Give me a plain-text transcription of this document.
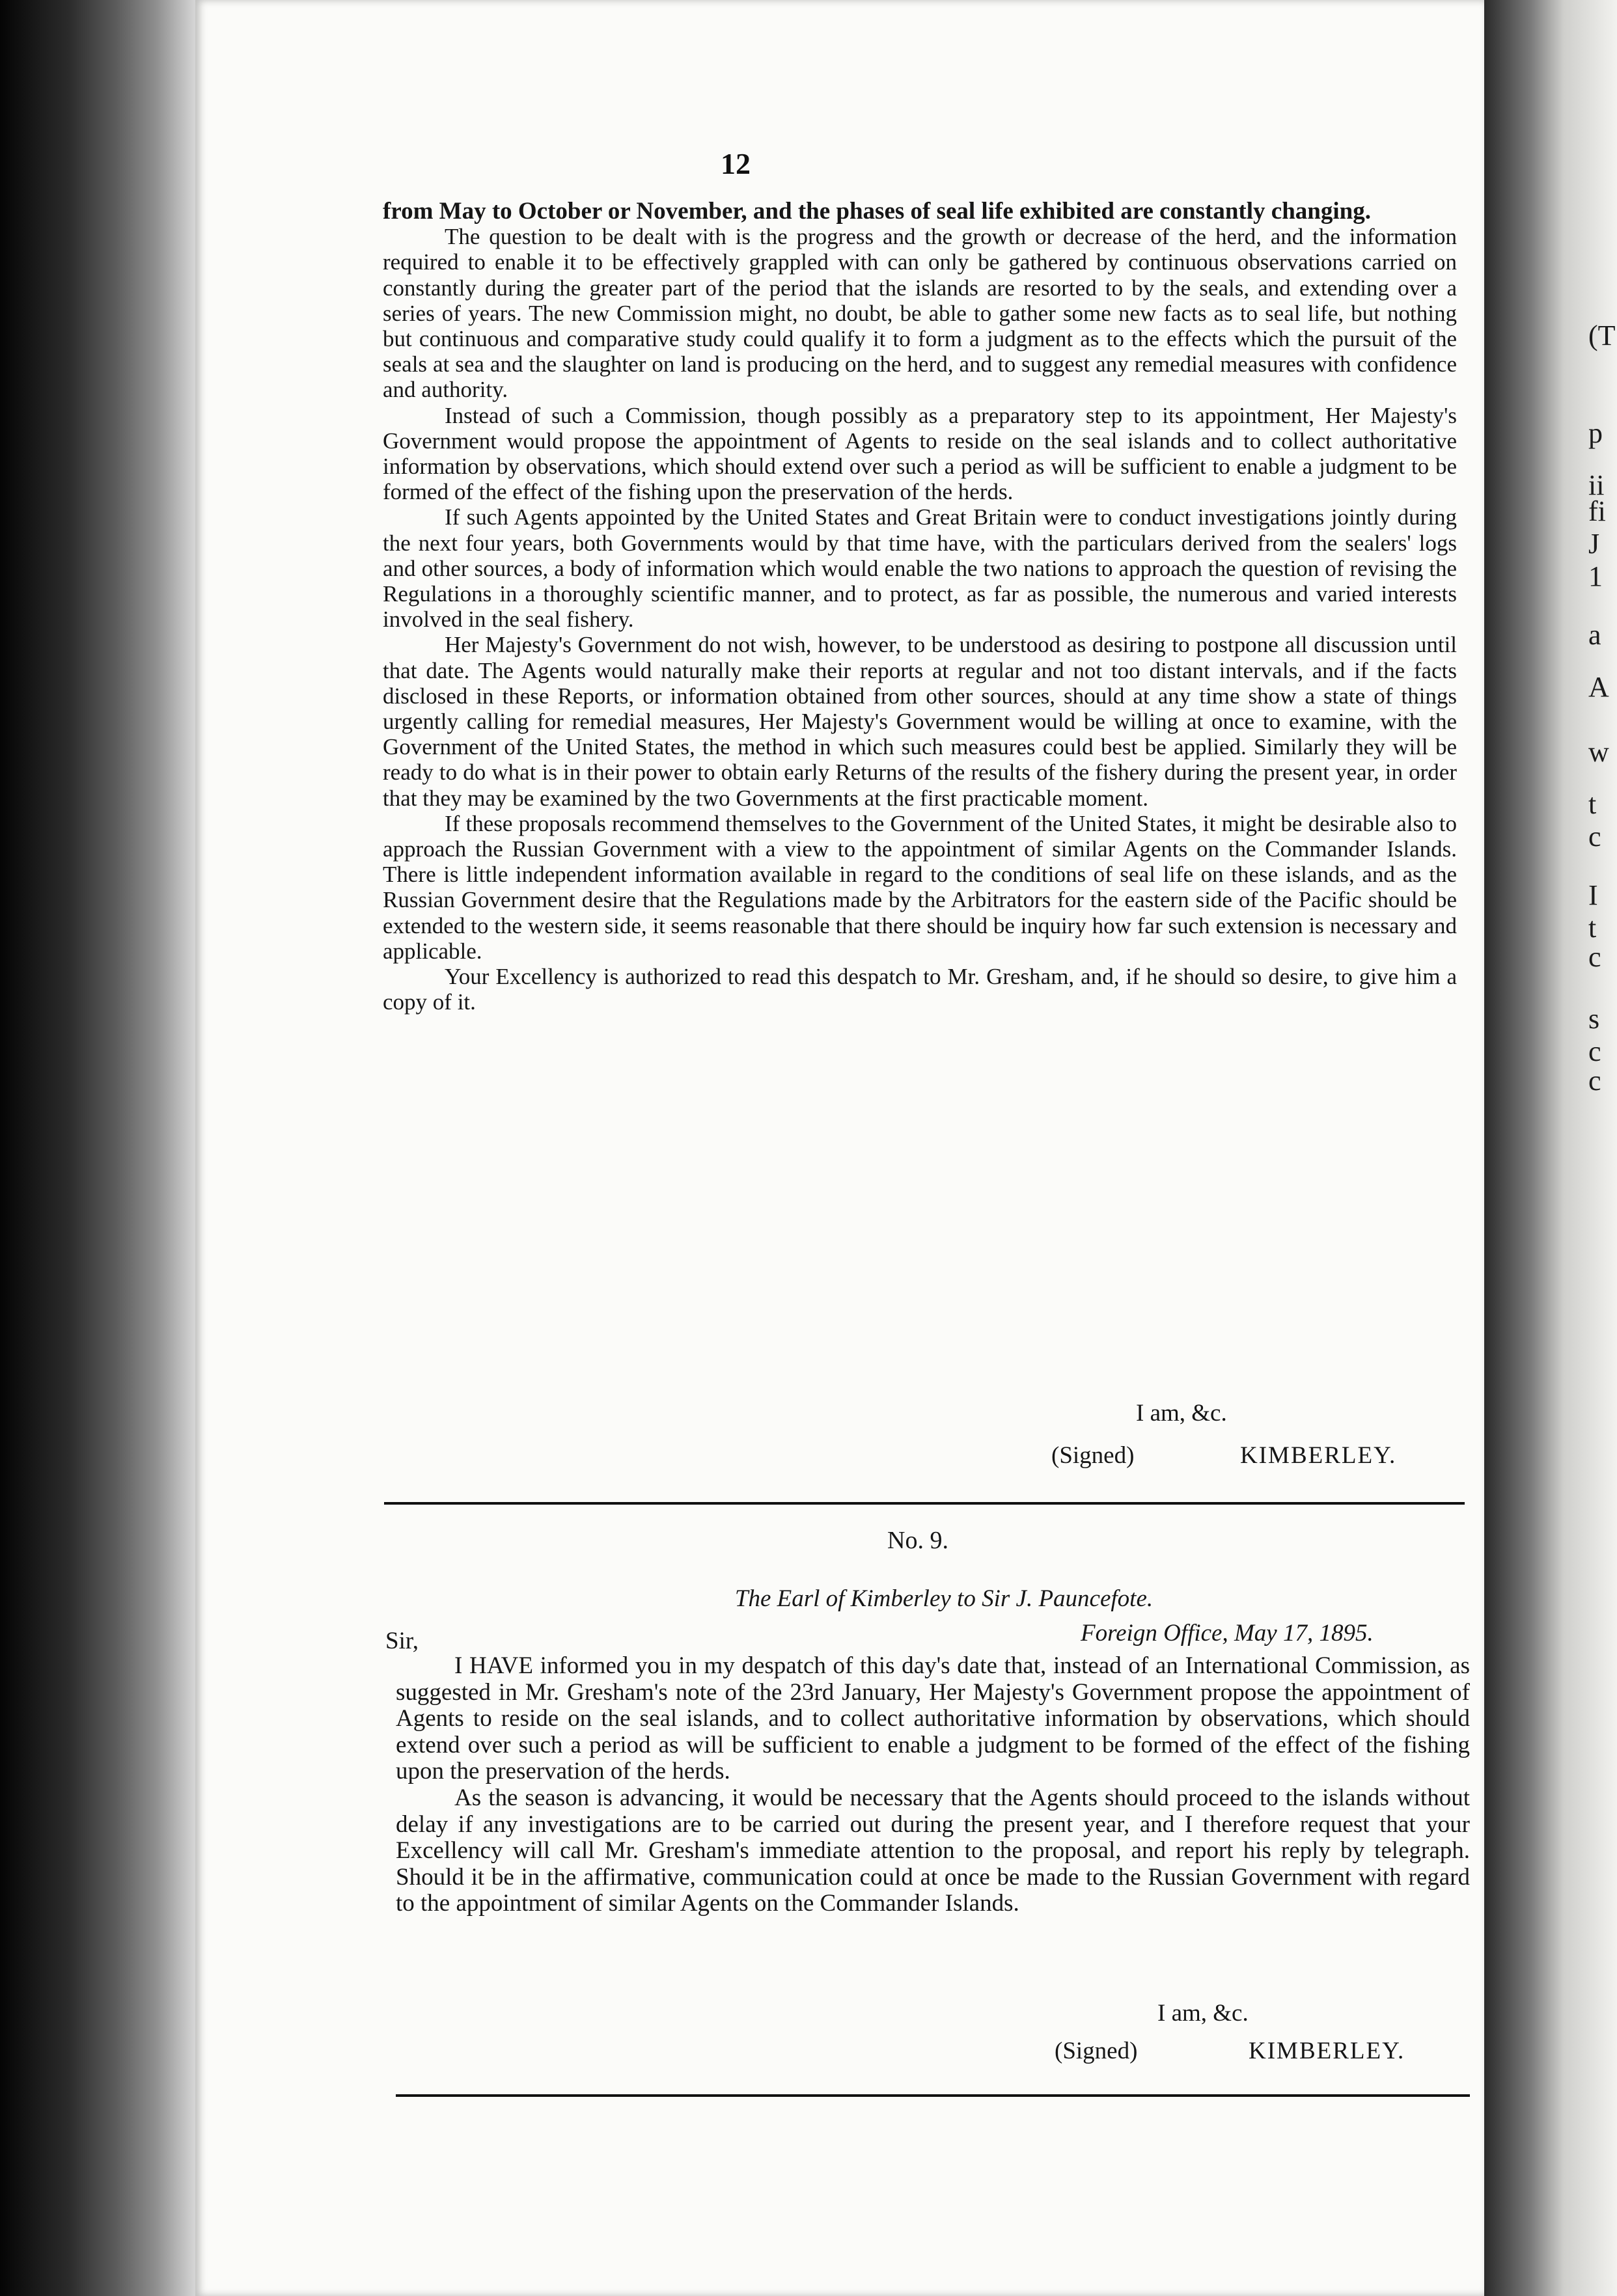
(T
p
ii
fi
J
1
a
A
w
t
c
I
t
c
s
c
c
12

from May to October or November, and the phases of seal life exhibited are constantly changing.

The question to be dealt with is the progress and the growth or decrease of the herd, and the information required to enable it to be effectively grappled with can only be gathered by continuous observations carried on constantly during the greater part of the period that the islands are resorted to by the seals, and extending over a series of years. The new Commission might, no doubt, be able to gather some new facts as to seal life, but nothing but continuous and comparative study could qualify it to form a judgment as to the effects which the pursuit of the seals at sea and the slaughter on land is producing on the herd, and to suggest any remedial measures with confidence and authority.

Instead of such a Commission, though possibly as a preparatory step to its appointment, Her Majesty's Government would propose the appointment of Agents to reside on the seal islands and to collect authoritative information by observations, which should extend over such a period as will be sufficient to enable a judgment to be formed of the effect of the fishing upon the preservation of the herds.

If such Agents appointed by the United States and Great Britain were to conduct investigations jointly during the next four years, both Governments would by that time have, with the particulars derived from the sealers' logs and other sources, a body of information which would enable the two nations to approach the question of revising the Regulations in a thoroughly scientific manner, and to protect, as far as possible, the numerous and varied interests involved in the seal fishery.

Her Majesty's Government do not wish, however, to be understood as desiring to postpone all discussion until that date. The Agents would naturally make their reports at regular and not too distant intervals, and if the facts disclosed in these Reports, or information obtained from other sources, should at any time show a state of things urgently calling for remedial measures, Her Majesty's Government would be willing at once to examine, with the Government of the United States, the method in which such measures could best be applied. Similarly they will be ready to do what is in their power to obtain early Returns of the results of the fishery during the present year, in order that they may be examined by the two Governments at the first practicable moment.

If these proposals recommend themselves to the Government of the United States, it might be desirable also to approach the Russian Government with a view to the appointment of similar Agents on the Commander Islands. There is little independent information available in regard to the conditions of seal life on these islands, and as the Russian Government desire that the Regulations made by the Arbitrators for the eastern side of the Pacific should be extended to the western side, it seems reasonable that there should be inquiry how far such extension is necessary and applicable.

Your Excellency is authorized to read this despatch to Mr. Gresham, and, if he should so desire, to give him a copy of it.

I am, &c.
(Signed)	KIMBERLEY.
No. 9.
The Earl of Kimberley to Sir J. Pauncefote.
Sir,	Foreign Office, May 17, 1895.

I HAVE informed you in my despatch of this day's date that, instead of an International Commission, as suggested in Mr. Gresham's note of the 23rd January, Her Majesty's Government propose the appointment of Agents to reside on the seal islands, and to collect authoritative information by observations, which should extend over such a period as will be sufficient to enable a judgment to be formed of the effect of the fishing upon the preservation of the herds.

As the season is advancing, it would be necessary that the Agents should proceed to the islands without delay if any investigations are to be carried out during the present year, and I therefore request that your Excellency will call Mr. Gresham's immediate attention to the proposal, and report his reply by telegraph. Should it be in the affirmative, communication could at once be made to the Russian Government with regard to the appointment of similar Agents on the Commander Islands.

I am, &c.
(Signed)	KIMBERLEY.
